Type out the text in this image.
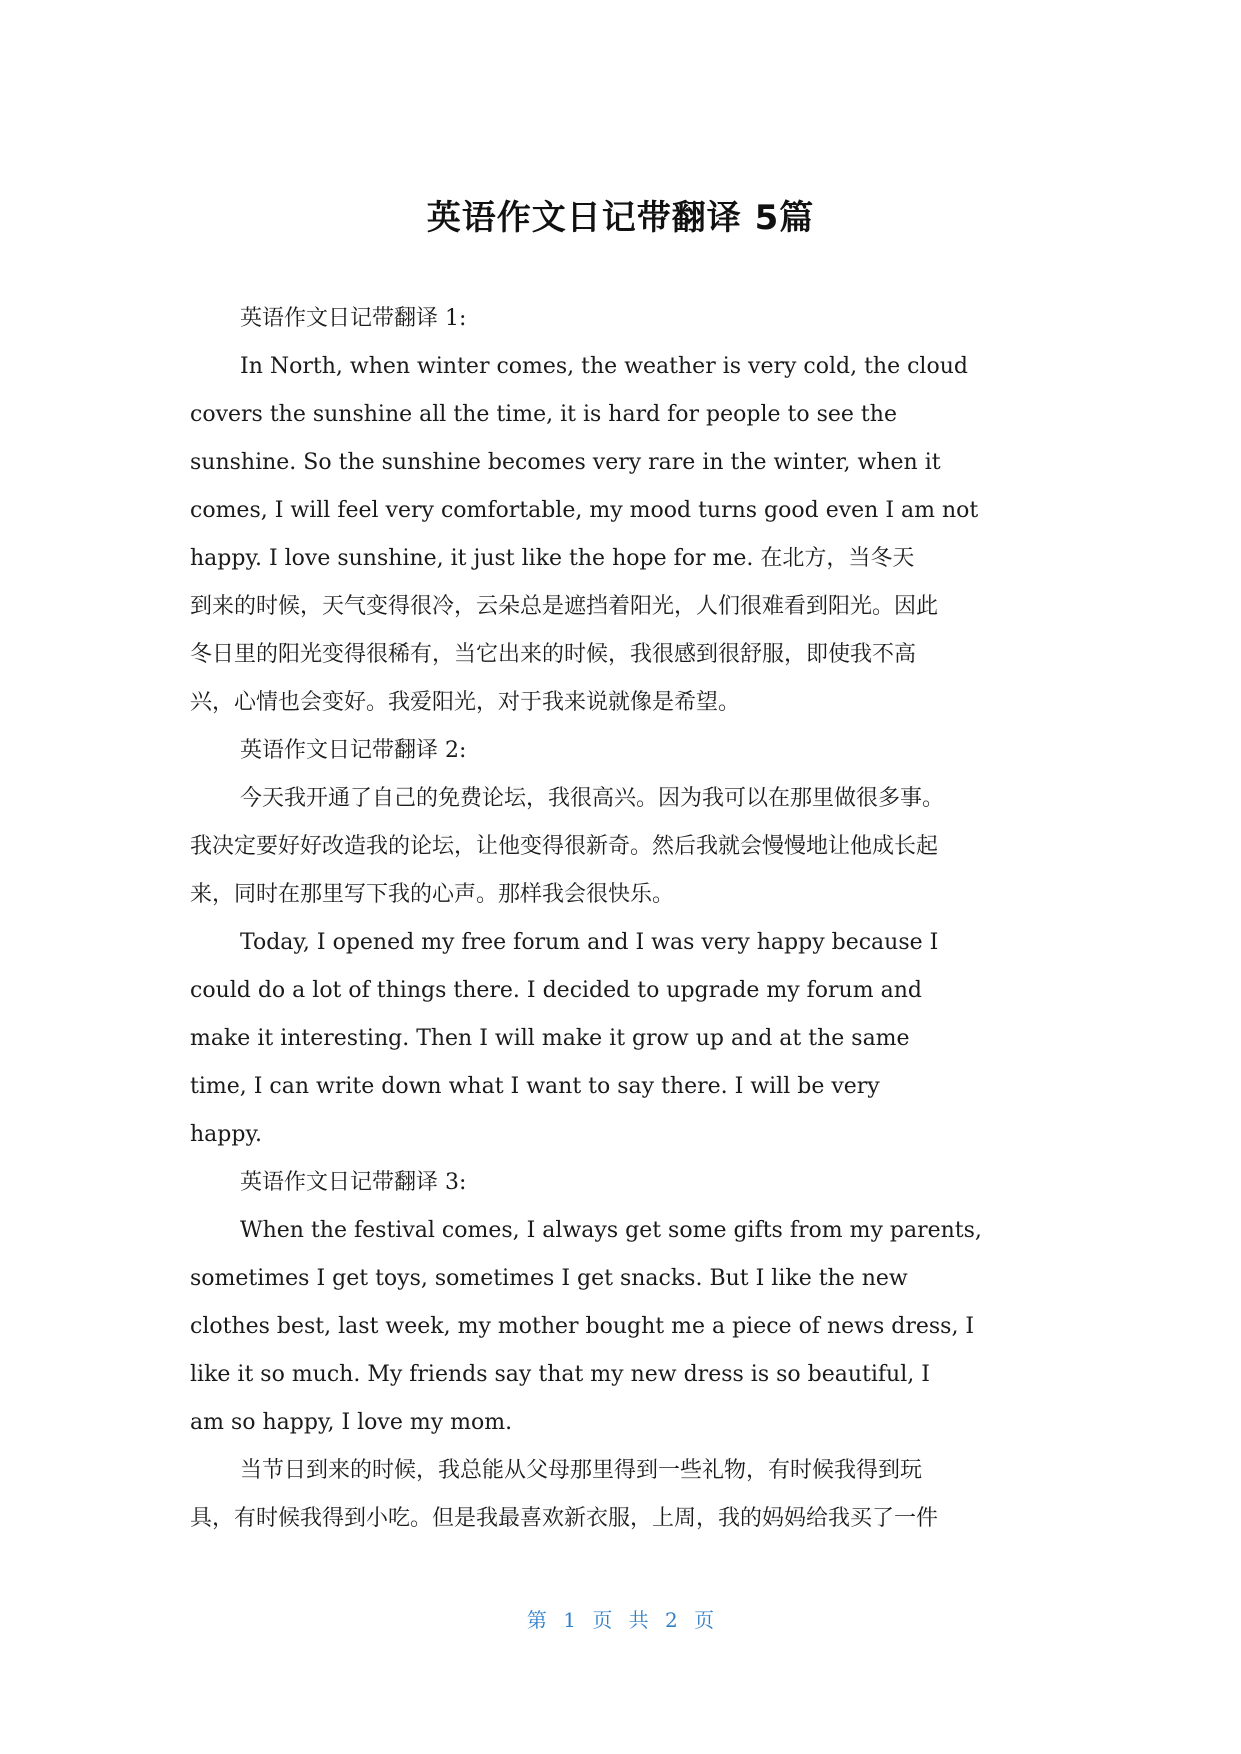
英语作文日记带翻译 5篇
英语作文日记带翻译 1:
In North, when winter comes, the weather is very cold, the cloud
covers the sunshine all the time, it is hard for people to see the
sunshine. So the sunshine becomes very rare in the winter, when it
comes, I will feel very comfortable, my mood turns good even I am not
happy. I love sunshine, it just like the hope for me. 在北方，当冬天
到来的时候，天气变得很冷，云朵总是遮挡着阳光，人们很难看到阳光。因此
冬日里的阳光变得很稀有，当它出来的时候，我很感到很舒服，即使我不高
兴，心情也会变好。我爱阳光，对于我来说就像是希望。
英语作文日记带翻译 2:
今天我开通了自己的免费论坛，我很高兴。因为我可以在那里做很多事。
我决定要好好改造我的论坛，让他变得很新奇。然后我就会慢慢地让他成长起
来，同时在那里写下我的心声。那样我会很快乐。
Today, I opened my free forum and I was very happy because I
could do a lot of things there. I decided to upgrade my forum and
make it interesting. Then I will make it grow up and at the same
time, I can write down what I want to say there. I will be very
happy.
英语作文日记带翻译 3:
When the festival comes, I always get some gifts from my parents,
sometimes I get toys, sometimes I get snacks. But I like the new
clothes best, last week, my mother bought me a piece of news dress, I
like it so much. My friends say that my new dress is so beautiful, I
am so happy, I love my mom.
当节日到来的时候，我总能从父母那里得到一些礼物，有时候我得到玩
具，有时候我得到小吃。但是我最喜欢新衣服，上周，我的妈妈给我买了一件
第 1 页 共 2 页
